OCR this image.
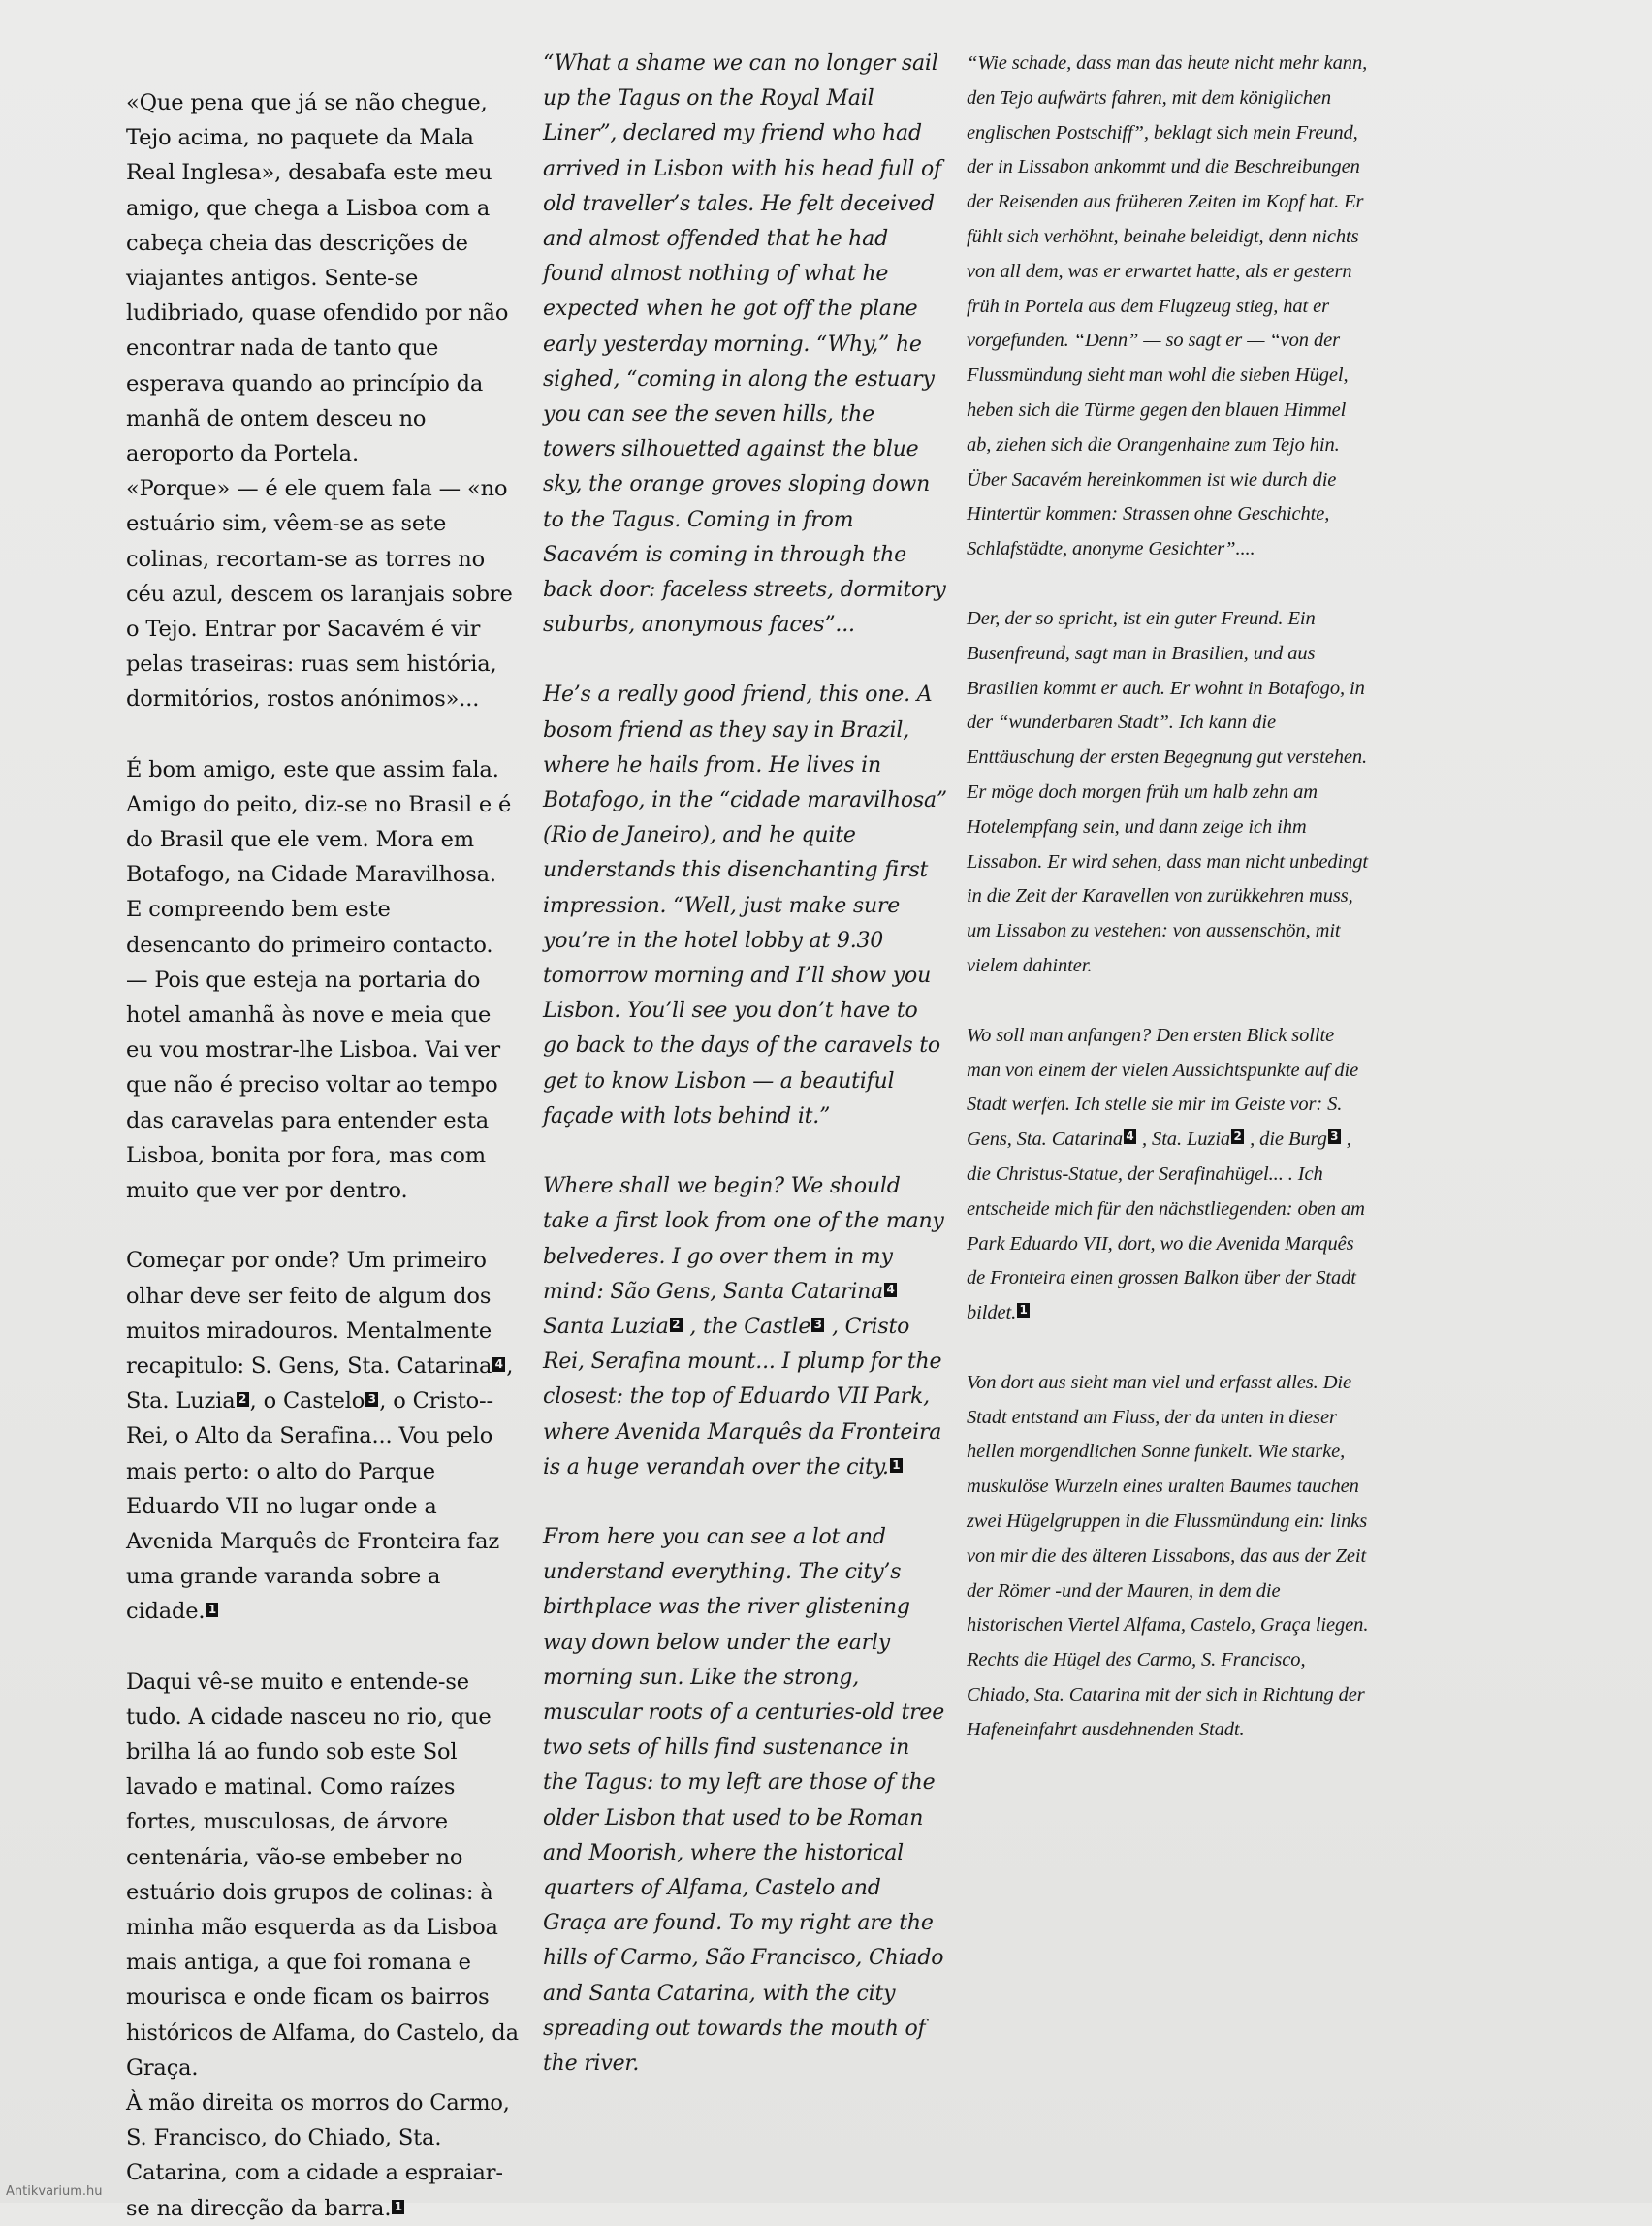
«Que pena que já se não chegue, Tejo acima, no paquete da Mala Real Inglesa», desabafa este meu amigo, que chega a Lisboa com a cabeça cheia das descrições de viajantes antigos. Sente-se ludibriado, quase ofendido por não encontrar nada de tanto que esperava quando ao princípio da manhã de ontem desceu no aeroporto da Portela.

«Porque» — é ele quem fala — «no estuário sim, vêem-se as sete colinas, recortam-se as torres no céu azul, descem os laranjais sobre o Tejo. Entrar por Sacavém é vir pelas traseiras: ruas sem história, dormitórios, rostos anónimos»...

É bom amigo, este que assim fala. Amigo do peito, diz-se no Brasil e é do Brasil que ele vem. Mora em Botafogo, na Cidade Maravilhosa. E compreendo bem este desencanto do primeiro contacto.

— Pois que esteja na portaria do hotel amanhã às nove e meia que eu vou mostrar-lhe Lisboa. Vai ver que não é preciso voltar ao tempo das caravelas para entender esta Lisboa, bonita por fora, mas com muito que ver por dentro.

Começar por onde? Um primeiro olhar deve ser feito de algum dos muitos miradouros. Mentalmente recapitulo: S. Gens, Sta. Catarina 4 , Sta. Luzia 2 , o Castelo 3 , o Cristo--Rei, o Alto da Serafina... Vou pelo mais perto: o alto do Parque Eduardo VII no lugar onde a Avenida Marquês de Fronteira faz uma grande varanda sobre a cidade. 1

Daqui vê-se muito e entende-se tudo. A cidade nasceu no rio, que brilha lá ao fundo sob este Sol lavado e matinal. Como raízes fortes, musculosas, de árvore centenária, vão-se embeber no estuário dois grupos de colinas: à minha mão esquerda as da Lisboa mais antiga, a que foi romana e mourisca e onde ficam os bairros históricos de Alfama, do Castelo, da Graça.

À mão direita os morros do Carmo, S. Francisco, do Chiado, Sta. Catarina, com a cidade a espraiar-se na direcção da barra. 1

“What a shame we can no longer sail up the Tagus on the Royal Mail Liner”, declared my friend who had arrived in Lisbon with his head full of old traveller’s tales. He felt deceived and almost offended that he had found almost nothing of what he expected when he got off the plane early yesterday morning. “Why,” he sighed, “coming in along the estuary you can see the seven hills, the towers silhouetted against the blue sky, the orange groves sloping down to the Tagus. Coming in from Sacavém is coming in through the back door: faceless streets, dormitory suburbs, anonymous faces”...

He’s a really good friend, this one. A bosom friend as they say in Brazil, where he hails from. He lives in Botafogo, in the “cidade maravilhosa” (Rio de Janeiro), and he quite understands this disenchanting first impression. “Well, just make sure you’re in the hotel lobby at 9.30 tomorrow morning and I’ll show you Lisbon. You’ll see you don’t have to go back to the days of the caravels to get to know Lisbon — a beautiful façade with lots behind it.”

Where shall we begin? We should take a first look from one of the many belvederes. I go over them in my mind: São Gens, Santa Catarina 4 Santa Luzia 2 , the Castle 3 , Cristo Rei, Serafina mount... I plump for the closest: the top of Eduardo VII Park, where Avenida Marquês da Fronteira is a huge verandah over the city. 1

From here you can see a lot and understand everything. The city’s birthplace was the river glistening way down below under the early morning sun. Like the strong, muscular roots of a centuries-old tree two sets of hills find sustenance in the Tagus: to my left are those of the older Lisbon that used to be Roman and Moorish, where the historical quarters of Alfama, Castelo and Graça are found. To my right are the hills of Carmo, São Francisco, Chiado and Santa Catarina, with the city spreading out towards the mouth of the river.

“Wie schade, dass man das heute nicht mehr kann, den Tejo aufwärts fahren, mit dem königlichen englischen Postschiff”, beklagt sich mein Freund, der in Lissabon ankommt und die Beschreibungen der Reisenden aus früheren Zeiten im Kopf hat. Er fühlt sich verhöhnt, beinahe beleidigt, denn nichts von all dem, was er erwartet hatte, als er gestern früh in Portela aus dem Flugzeug stieg, hat er vorgefunden. “Denn” — so sagt er — “von der Flussmündung sieht man wohl die sieben Hügel, heben sich die Türme gegen den blauen Himmel ab, ziehen sich die Orangenhaine zum Tejo hin. Über Sacavém hereinkommen ist wie durch die Hintertür kommen: Strassen ohne Geschichte, Schlafstädte, anonyme Gesichter”....

Der, der so spricht, ist ein guter Freund. Ein Busenfreund, sagt man in Brasilien, und aus Brasilien kommt er auch. Er wohnt in Botafogo, in der “wunderbaren Stadt”. Ich kann die Enttäuschung der ersten Begegnung gut verstehen.

Er möge doch morgen früh um halb zehn am Hotelempfang sein, und dann zeige ich ihm Lissabon. Er wird sehen, dass man nicht unbedingt in die Zeit der Karavellen von zurükkehren muss, um Lissabon zu vestehen: von aussenschön, mit vielem dahinter.

Wo soll man anfangen? Den ersten Blick sollte man von einem der vielen Aussichtspunkte auf die Stadt werfen. Ich stelle sie mir im Geiste vor: S. Gens, Sta. Catarina 4 , Sta. Luzia 2 , die Burg 3 , die Christus-Statue, der Serafinahügel... . Ich entscheide mich für den nächstliegenden: oben am Park Eduardo VII, dort, wo die Avenida Marquês de Fronteira einen grossen Balkon über der Stadt bildet. 1

Von dort aus sieht man viel und erfasst alles. Die Stadt entstand am Fluss, der da unten in dieser hellen morgendlichen Sonne funkelt. Wie starke, muskulöse Wurzeln eines uralten Baumes tauchen zwei Hügelgruppen in die Flussmündung ein: links von mir die des älteren Lissabons, das aus der Zeit der Römer -und der Mauren, in dem die historischen Viertel Alfama, Castelo, Graça liegen. Rechts die Hügel des Carmo, S. Francisco, Chiado, Sta. Catarina mit der sich in Richtung der Hafeneinfahrt ausdehnenden Stadt.

Antikvarium.hu
